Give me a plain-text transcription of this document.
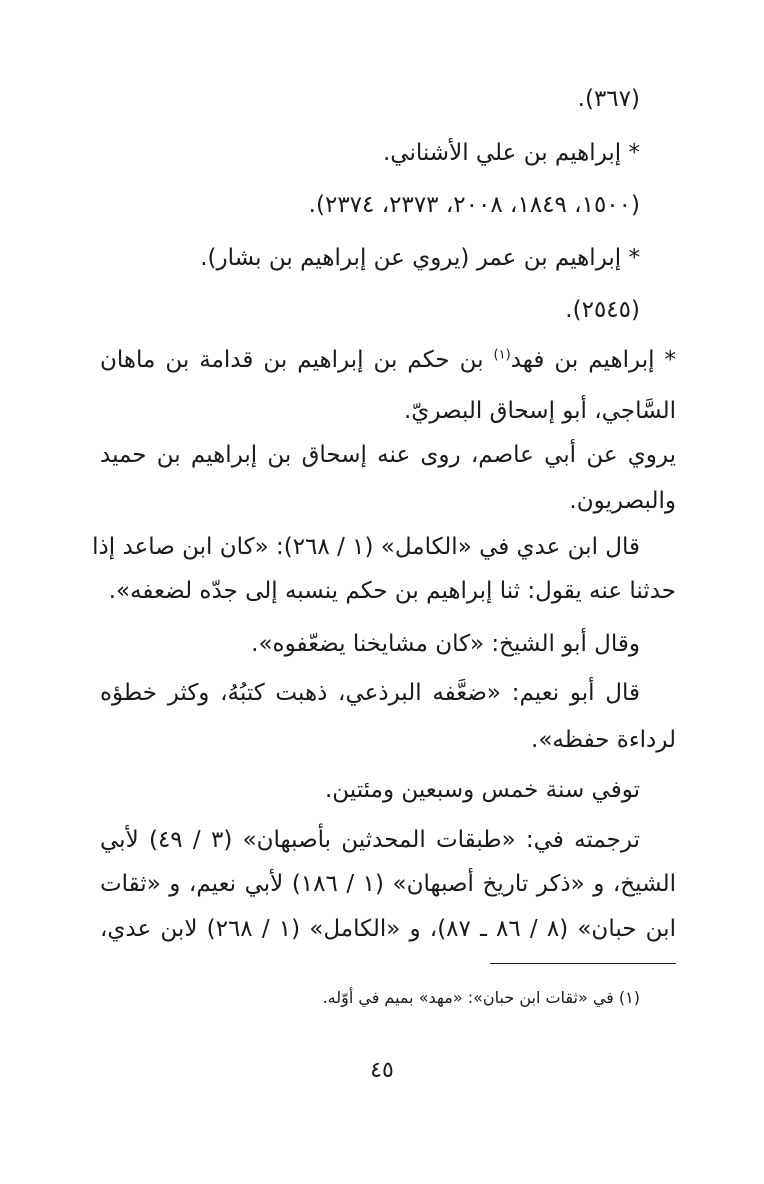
(٣٦٧).
* إبراهيم بن علي الأشناني.
(١٥٠٠، ١٨٤٩، ٢٠٠٨، ٢٣٧٣، ٢٣٧٤).
* إبراهيم بن عمر (يروي عن إبراهيم بن بشار).
(٢٥٤٥).
* إبراهيم بن فهد$^{(١)}$ بن حكم بن إبراهيم بن قدامة بن ماهان
السَّاجي، أبو إسحاق البصريّ.
يروي عن أبي عاصم، روى عنه إسحاق بن إبراهيم بن حميد
والبصريون.
قال ابن عدي في «الكامل» (١ / ٢٦٨): «كان ابن صاعد إذا
حدثنا عنه يقول: ثنا إبراهيم بن حكم ينسبه إلى جدّه لضعفه».
وقال أبو الشيخ: «كان مشايخنا يضعّفوه».
قال أبو نعيم: «ضعَّفه البرذعي، ذهبت كتبُهُ، وكثر خطؤه
لرداءة حفظه».
توفي سنة خمس وسبعين ومئتين.
ترجمته في: «طبقات المحدثين بأصبهان» (٣ / ٤٩) لأبي
الشيخ، و «ذكر تاريخ أصبهان» (١ / ١٨٦) لأبي نعيم، و «ثقات
ابن حبان» (٨ / ٨٦ ـ ٨٧)، و «الكامل» (١ / ٢٦٨) لابن عدي،
(١) في «ثقات ابن حبان»: «مهد» بميم في أوّله.
٤٥
